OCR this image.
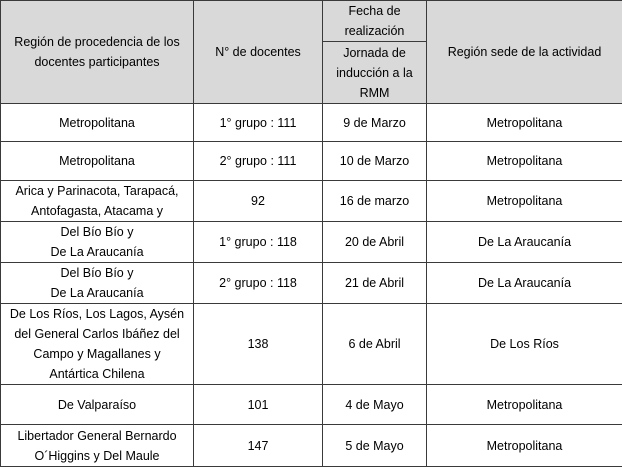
Región de procedencia de los docentes participantes	N° de docentes	Fecha de realización	Región sede de la actividad
		Jornada de inducción a la RMM	

Metropolitana	1° grupo : 111	9 de Marzo	Metropolitana

Metropolitana	2° grupo : 111	10 de Marzo	Metropolitana

Arica y Parinacota, Tarapacá,
Antofagasta, Atacama y	92	16 de marzo	Metropolitana

Del Bío Bío y
De La Araucanía	1° grupo : 118	20 de Abril	De La Araucanía

Del Bío Bío y
De La Araucanía	2° grupo : 118	21 de Abril	De La Araucanía

De Los Ríos, Los Lagos, Aysén
del General Carlos Ibáñez del
Campo y Magallanes y
Antártica Chilena	138	6 de Abril	De Los Ríos

De Valparaíso	101	4 de Mayo	Metropolitana

Libertador General Bernardo
O´Higgins y Del Maule	147	5 de Mayo	Metropolitana
